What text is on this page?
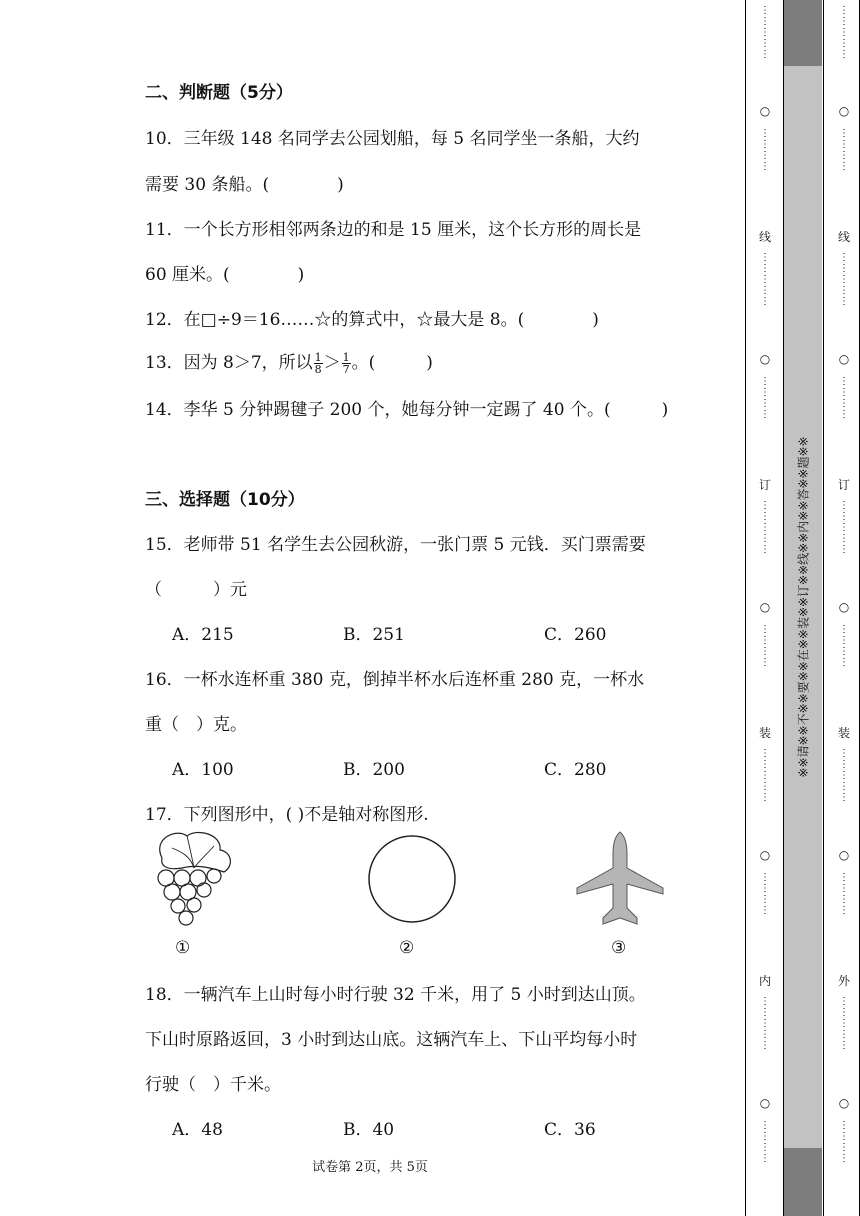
二、判断题（5分）
10．三年级 148 名同学去公园划船，每 5 名同学坐一条船，大约
需要 30 条船。(　　　　)
11．一个长方形相邻两条边的和是 15 厘米，这个长方形的周长是
60 厘米。(　　　　)
12．在□÷9＝16……☆的算式中，☆最大是 8。(　　　　)
13．因为 8＞7，所以 $\frac{1}{8} > \frac{1}{7}$ 。(　　　)
14．李华 5 分钟踢毽子 200 个，她每分钟一定踢了 40 个。(　　　)
三、选择题（10分）
15．老师带 51 名学生去公园秋游，一张门票 5 元钱．买门票需要
（　　　）元
A．215	B．251	C．260
16．一杯水连杯重 380 克，倒掉半杯水后连杯重 280 克，一杯水
重（　）克。
A．100	B．200	C．280
17．下列图形中，( )不是轴对称图形.
①	②	③
18．一辆汽车上山时每小时行驶 32 千米，用了 5 小时到达山顶。
下山时原路返回，3 小时到达山底。这辆汽车上、下山平均每小时
行驶（　）千米。
A．48	B．40	C．36
试卷第 2页，共 5页
※※请※※不※※要※※在※※装※※订※※线※※内※※答※※题※※
⋮
⋮
⋮
⋮
⋮
○
⋮
⋮
⋮
⋮
线
⋮
⋮
⋮
⋮
⋮
○
⋮
⋮
⋮
⋮
订
⋮
⋮
⋮
⋮
⋮
○
⋮
⋮
⋮
⋮
装
⋮
⋮
⋮
⋮
⋮
○
⋮
⋮
⋮
⋮
内
⋮
⋮
⋮
⋮
⋮
○
⋮
⋮
⋮
⋮
⋮
⋮
⋮
⋮
⋮
○
⋮
⋮
⋮
⋮
线
⋮
⋮
⋮
⋮
⋮
○
⋮
⋮
⋮
⋮
订
⋮
⋮
⋮
⋮
⋮
○
⋮
⋮
⋮
⋮
装
⋮
⋮
⋮
⋮
⋮
○
⋮
⋮
⋮
⋮
外
⋮
⋮
⋮
⋮
⋮
○
⋮
⋮
⋮
⋮
